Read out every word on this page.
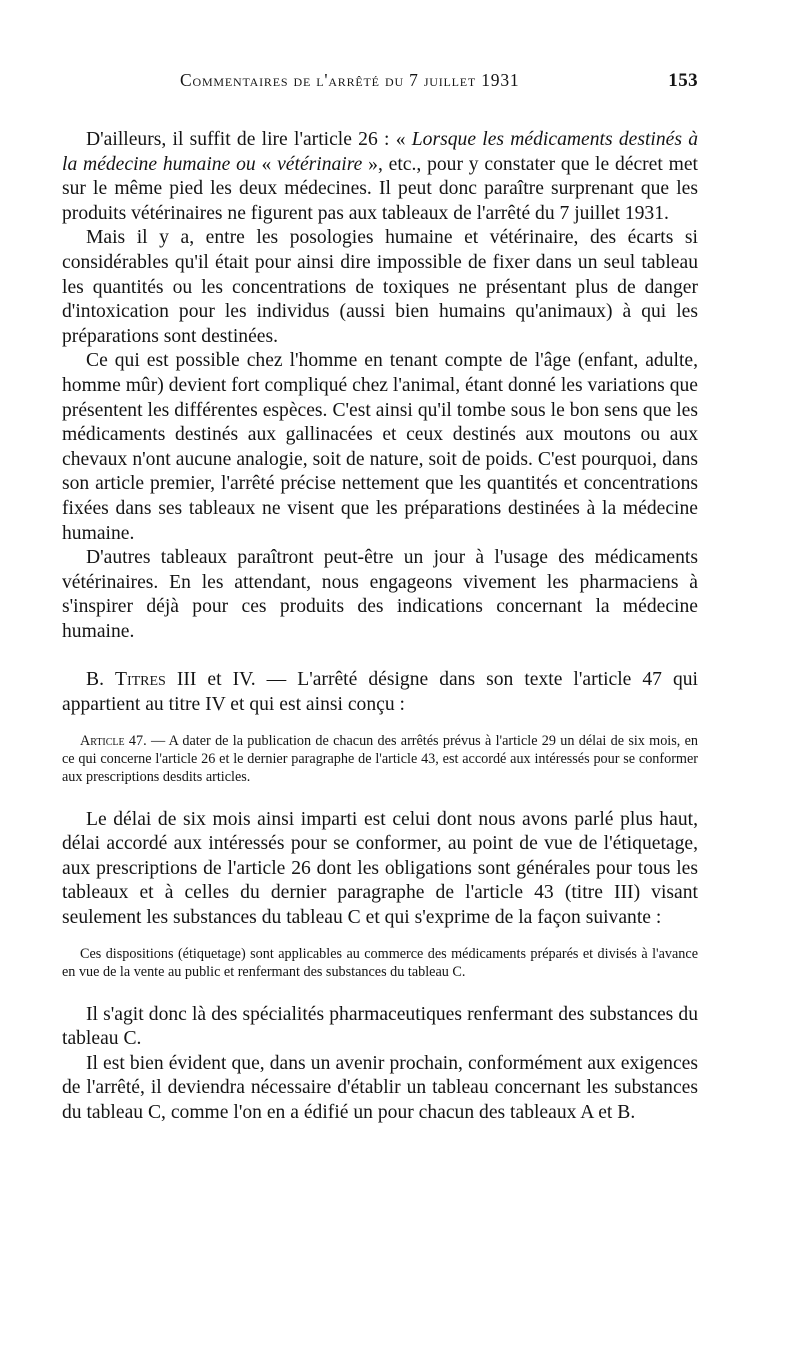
Commentaires de l'arrêté du 7 juillet 1931	153

D'ailleurs, il suffit de lire l'article 26 : « Lorsque les médicaments destinés à la médecine humaine ou « vétérinaire », etc., pour y constater que le décret met sur le même pied les deux médecines. Il peut donc paraître surprenant que les produits vétérinaires ne figurent pas aux tableaux de l'arrêté du 7 juillet 1931.

Mais il y a, entre les posologies humaine et vétérinaire, des écarts si considérables qu'il était pour ainsi dire impossible de fixer dans un seul tableau les quantités ou les concentrations de toxiques ne présentant plus de danger d'intoxication pour les individus (aussi bien humains qu'animaux) à qui les préparations sont destinées.

Ce qui est possible chez l'homme en tenant compte de l'âge (enfant, adulte, homme mûr) devient fort compliqué chez l'animal, étant donné les variations que présentent les différentes espèces. C'est ainsi qu'il tombe sous le bon sens que les médicaments destinés aux gallinacées et ceux destinés aux moutons ou aux chevaux n'ont aucune analogie, soit de nature, soit de poids. C'est pourquoi, dans son article premier, l'arrêté précise nettement que les quantités et concentrations fixées dans ses tableaux ne visent que les préparations destinées à la médecine humaine.

D'autres tableaux paraîtront peut-être un jour à l'usage des médicaments vétérinaires. En les attendant, nous engageons vivement les pharmaciens à s'inspirer déjà pour ces produits des indications concernant la médecine humaine.

B. Titres III et IV. — L'arrêté désigne dans son texte l'article 47 qui appartient au titre IV et qui est ainsi conçu :

Article 47. — A dater de la publication de chacun des arrêtés prévus à l'article 29 un délai de six mois, en ce qui concerne l'article 26 et le dernier paragraphe de l'article 43, est accordé aux intéressés pour se conformer aux prescriptions desdits articles.

Le délai de six mois ainsi imparti est celui dont nous avons parlé plus haut, délai accordé aux intéressés pour se conformer, au point de vue de l'étiquetage, aux prescriptions de l'article 26 dont les obligations sont générales pour tous les tableaux et à celles du dernier paragraphe de l'article 43 (titre III) visant seulement les substances du tableau C et qui s'exprime de la façon suivante :

Ces dispositions (étiquetage) sont applicables au commerce des médicaments préparés et divisés à l'avance en vue de la vente au public et renfermant des substances du tableau C.

Il s'agit donc là des spécialités pharmaceutiques renfermant des substances du tableau C.

Il est bien évident que, dans un avenir prochain, conformément aux exigences de l'arrêté, il deviendra nécessaire d'établir un tableau concernant les substances du tableau C, comme l'on en a édifié un pour chacun des tableaux A et B.
